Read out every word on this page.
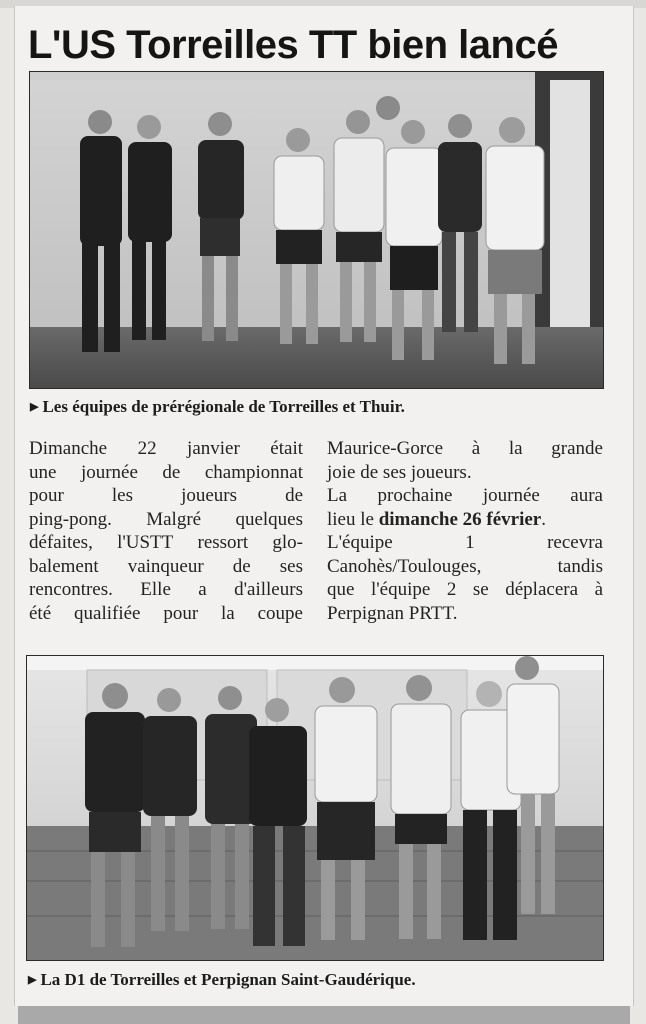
L'US Torreilles TT bien lancé
▶ Les équipes de prérégionale de Torreilles et Thuir.
Dimanche 22 janvier était
une journée de championnat
pour	les	joueurs	de
ping-pong. Malgré quelques
défaites, l'USTT ressort glo-
balement vainqueur de ses
rencontres. Elle a d'ailleurs
été qualifiée pour la coupe
Maurice-Gorce à la grande
joie de ses joueurs.
La prochaine journée aura
lieu le dimanche 26 février.
L'équipe	1	recevra
Canohès/Toulouges,	tandis
que l'équipe 2 se déplacera à
Perpignan PRTT.
▶ La D1 de Torreilles et Perpignan Saint-Gaudérique.
